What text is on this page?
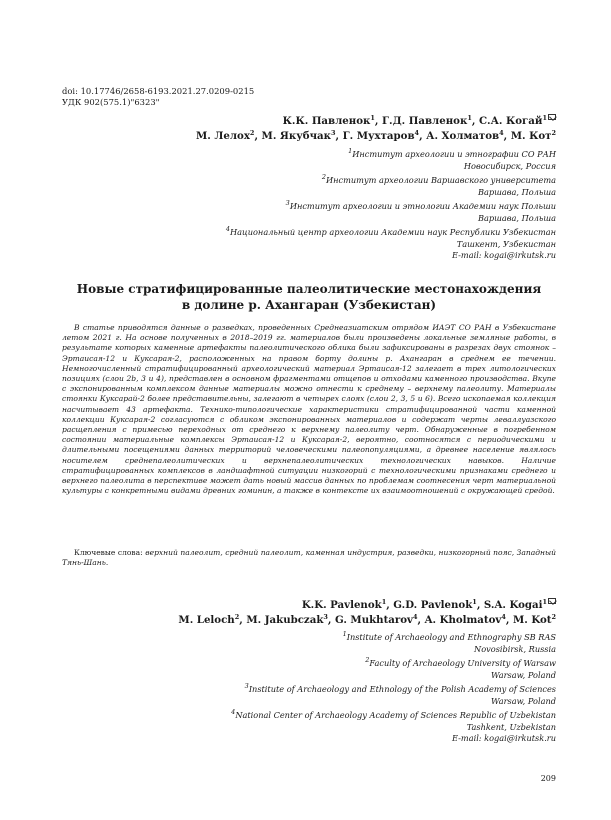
doi: 10.17746/2658-6193.2021.27.0209-0215
УДК 902(575.1)"6323"
К.К. Павленок$^1$, Г.Д. Павленок$^1$, С.А. Когай$^1$
М. Лелох$^2$, М. Якубчак$^3$, Г. Мухтаров$^4$, А. Холматов$^4$, М. Кот$^2$
$^1$Институт археологии и этнографии СО РАН
Новосибирск, Россия
$^2$Институт археологии Варшавского университета
Варшава, Польша
$^3$Институт археологии и этнологии Академии наук Польши
Варшава, Польша
$^4$Национальный центр археологии Академии наук Республики Узбекистан
Ташкент, Узбекистан
E-mail: kogai@irkutsk.ru
Новые стратифицированные палеолитические местонахождения
в долине р. Ахангаран (Узбекистан)
В статье приводятся данные о разведках, проведенных Среднеазиатским отрядом ИАЭТ СО РАН в Узбекистане летом 2021 г. На основе полученных в 2018–2019 гг. материалов были произведены локальные земляные работы, в результате которых каменные артефакты палеолитического облика были зафиксированы в разрезах двух стоянок – Эртаисая-12 и Куксарая-2, расположенных на правом борту долины р. Ахангаран в среднем ее течении. Немногочисленный стратифицированный археологический материал Эртаисая-12 залегает в трех литологических позициях (слои 2b, 3 и 4), представлен в основном фрагментами отщепов и отходами каменного производства. Вкупе с экспонированным комплексом данные материалы можно отнести к среднему – верхнему палеолиту. Материалы стоянки Куксарай-2 более представительны, залегают в четырех слоях (слои 2, 3, 5 и 6). Всего ископаемая коллекция насчитывает 43 артефакта. Технико-типологические характеристики стратифицированной части каменной коллекции Куксарая-2 согласуются с обликом экспонированных материалов и содержат черты леваллуазского расщепления с примесью переходных от среднего к верхнему палеолиту черт. Обнаруженные в погребенном состоянии материальные комплексы Эртаисая-12 и Куксарая-2, вероятно, соотносятся с периодическими и длительными посещениями данных территорий человеческими палеопопуляциями, а древнее население являлось носителем среднепалеолитических и верхнепалеолитических технологических навыков. Наличие стратифицированных комплексов в ландшафтной ситуации низкогорий с технологическими признаками среднего и верхнего палеолита в перспективе может дать новый массив данных по проблемам соотнесения черт материальной культуры с конкретными видами древних гоминин, а также в контексте их взаимоотношений с окружающей средой.
Ключевые слова: верхний палеолит, средний палеолит, каменная индустрия, разведки, низкогорный пояс, Западный Тянь-Шань.
K.K. Pavlenok$^1$, G.D. Pavlenok$^1$, S.A. Kogai$^1$
M. Leloch$^2$, M. Jakubczak$^3$, G. Mukhtarov$^4$, A. Kholmatov$^4$, M. Kot$^2$
$^1$Institute of Archaeology and Ethnography SB RAS
Novosibirsk, Russia
$^2$Faculty of Archaeology University of Warsaw
Warsaw, Poland
$^3$Institute of Archaeology and Ethnology of the Polish Academy of Sciences
Warsaw, Poland
$^4$National Center of Archaeology Academy of Sciences Republic of Uzbekistan
Tashkent, Uzbekistan
E-mail: kogai@irkutsk.ru
209
